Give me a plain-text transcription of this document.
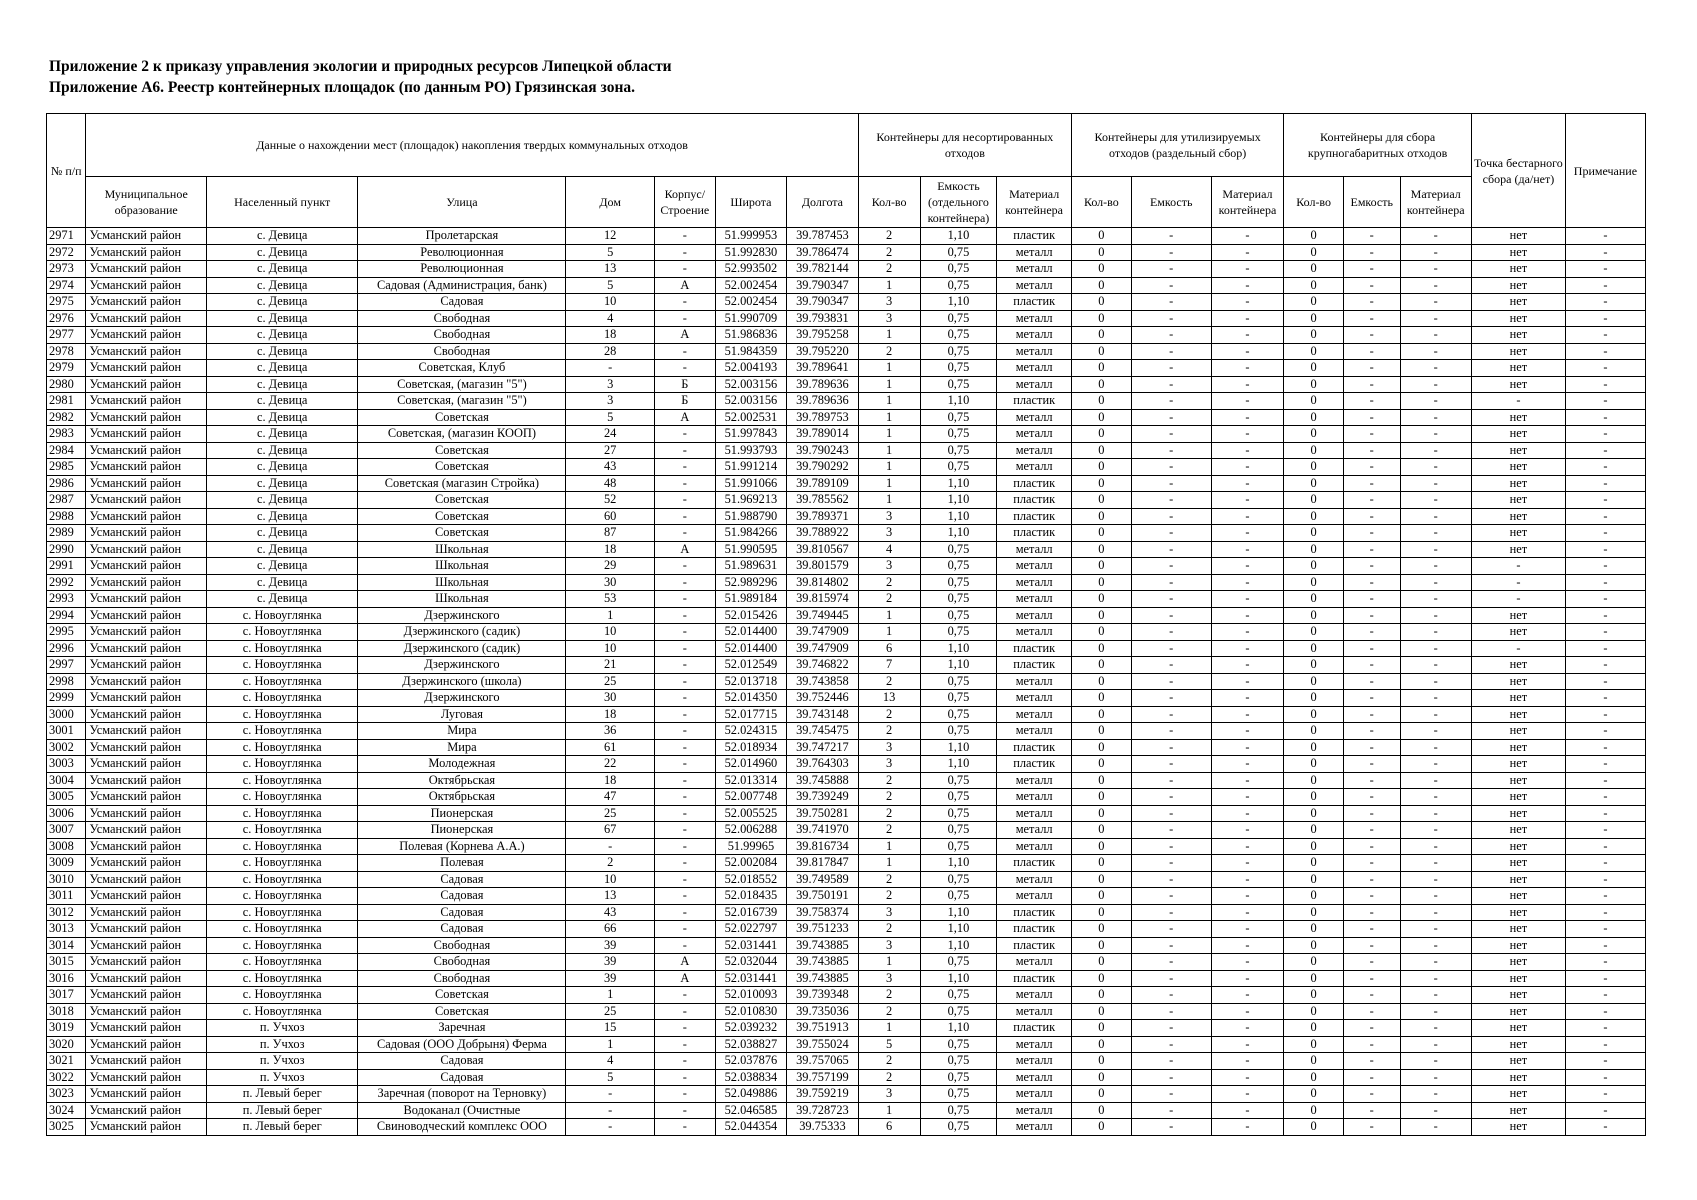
Приложение 2 к приказу управления экологии и природных ресурсов Липецкой области
Приложение А6. Реестр контейнерных площадок (по данным РО) Грязинская зона.
№ п/п	Данные о нахождении мест (площадок) накопления твердых коммунальных отходов							Контейнеры для несортированных отходов			Контейнеры для утилизируемых отходов (раздельный сбор)			Контейнеры для сбора крупногабаритных отходов			Точка бестарного сбора (да/нет)	Примечание
	Муниципальное образование	Населенный пункт	Улица	Дом	Корпус/ Строение	Широта	Долгота	Кол-во	Емкость (отдельного контейнера)	Материал контейнера	Кол-во	Емкость	Материал контейнера	Кол-во	Емкость	Материал контейнера		
2971	Усманский район	с. Девица	Пролетарская	12	-	51.999953	39.787453	2	1,10	пластик	0	-	-	0	-	-	нет	-
2972	Усманский район	с. Девица	Революционная	5	-	51.992830	39.786474	2	0,75	металл	0	-	-	0	-	-	нет	-
2973	Усманский район	с. Девица	Революционная	13	-	52.993502	39.782144	2	0,75	металл	0	-	-	0	-	-	нет	-
2974	Усманский район	с. Девица	Садовая (Администрация, банк)	5	А	52.002454	39.790347	1	0,75	металл	0	-	-	0	-	-	нет	-
2975	Усманский район	с. Девица	Садовая	10	-	52.002454	39.790347	3	1,10	пластик	0	-	-	0	-	-	нет	-
2976	Усманский район	с. Девица	Свободная	4	-	51.990709	39.793831	3	0,75	металл	0	-	-	0	-	-	нет	-
2977	Усманский район	с. Девица	Свободная	18	А	51.986836	39.795258	1	0,75	металл	0	-	-	0	-	-	нет	-
2978	Усманский район	с. Девица	Свободная	28	-	51.984359	39.795220	2	0,75	металл	0	-	-	0	-	-	нет	-
2979	Усманский район	с. Девица	Советская, Клуб	-	-	52.004193	39.789641	1	0,75	металл	0	-	-	0	-	-	нет	-
2980	Усманский район	с. Девица	Советская, (магазин "5")	3	Б	52.003156	39.789636	1	0,75	металл	0	-	-	0	-	-	нет	-
2981	Усманский район	с. Девица	Советская, (магазин "5")	3	Б	52.003156	39.789636	1	1,10	пластик	0	-	-	0	-	-	-	-
2982	Усманский район	с. Девица	Советская	5	А	52.002531	39.789753	1	0,75	металл	0	-	-	0	-	-	нет	-
2983	Усманский район	с. Девица	Советская, (магазин КООП)	24	-	51.997843	39.789014	1	0,75	металл	0	-	-	0	-	-	нет	-
2984	Усманский район	с. Девица	Советская	27	-	51.993793	39.790243	1	0,75	металл	0	-	-	0	-	-	нет	-
2985	Усманский район	с. Девица	Советская	43	-	51.991214	39.790292	1	0,75	металл	0	-	-	0	-	-	нет	-
2986	Усманский район	с. Девица	Советская (магазин Стройка)	48	-	51.991066	39.789109	1	1,10	пластик	0	-	-	0	-	-	нет	-
2987	Усманский район	с. Девица	Советская	52	-	51.969213	39.785562	1	1,10	пластик	0	-	-	0	-	-	нет	-
2988	Усманский район	с. Девица	Советская	60	-	51.988790	39.789371	3	1,10	пластик	0	-	-	0	-	-	нет	-
2989	Усманский район	с. Девица	Советская	87	-	51.984266	39.788922	3	1,10	пластик	0	-	-	0	-	-	нет	-
2990	Усманский район	с. Девица	Школьная	18	А	51.990595	39.810567	4	0,75	металл	0	-	-	0	-	-	нет	-
2991	Усманский район	с. Девица	Школьная	29	-	51.989631	39.801579	3	0,75	металл	0	-	-	0	-	-	-	-
2992	Усманский район	с. Девица	Школьная	30	-	52.989296	39.814802	2	0,75	металл	0	-	-	0	-	-	-	-
2993	Усманский район	с. Девица	Школьная	53	-	51.989184	39.815974	2	0,75	металл	0	-	-	0	-	-	-	-
2994	Усманский район	с. Новоуглянка	Дзержинского	1	-	52.015426	39.749445	1	0,75	металл	0	-	-	0	-	-	нет	-
2995	Усманский район	с. Новоуглянка	Дзержинского (садик)	10	-	52.014400	39.747909	1	0,75	металл	0	-	-	0	-	-	нет	-
2996	Усманский район	с. Новоуглянка	Дзержинского (садик)	10	-	52.014400	39.747909	6	1,10	пластик	0	-	-	0	-	-	-	-
2997	Усманский район	с. Новоуглянка	Дзержинского	21	-	52.012549	39.746822	7	1,10	пластик	0	-	-	0	-	-	нет	-
2998	Усманский район	с. Новоуглянка	Дзержинского (школа)	25	-	52.013718	39.743858	2	0,75	металл	0	-	-	0	-	-	нет	-
2999	Усманский район	с. Новоуглянка	Дзержинского	30	-	52.014350	39.752446	13	0,75	металл	0	-	-	0	-	-	нет	-
3000	Усманский район	с. Новоуглянка	Луговая	18	-	52.017715	39.743148	2	0,75	металл	0	-	-	0	-	-	нет	-
3001	Усманский район	с. Новоуглянка	Мира	36	-	52.024315	39.745475	2	0,75	металл	0	-	-	0	-	-	нет	-
3002	Усманский район	с. Новоуглянка	Мира	61	-	52.018934	39.747217	3	1,10	пластик	0	-	-	0	-	-	нет	-
3003	Усманский район	с. Новоуглянка	Молодежная	22	-	52.014960	39.764303	3	1,10	пластик	0	-	-	0	-	-	нет	-
3004	Усманский район	с. Новоуглянка	Октябрьская	18	-	52.013314	39.745888	2	0,75	металл	0	-	-	0	-	-	нет	-
3005	Усманский район	с. Новоуглянка	Октябрьская	47	-	52.007748	39.739249	2	0,75	металл	0	-	-	0	-	-	нет	-
3006	Усманский район	с. Новоуглянка	Пионерская	25	-	52.005525	39.750281	2	0,75	металл	0	-	-	0	-	-	нет	-
3007	Усманский район	с. Новоуглянка	Пионерская	67	-	52.006288	39.741970	2	0,75	металл	0	-	-	0	-	-	нет	-
3008	Усманский район	с. Новоуглянка	Полевая (Корнева А.А.)	-	-	51.99965	39.816734	1	0,75	металл	0	-	-	0	-	-	нет	-
3009	Усманский район	с. Новоуглянка	Полевая	2	-	52.002084	39.817847	1	1,10	пластик	0	-	-	0	-	-	нет	-
3010	Усманский район	с. Новоуглянка	Садовая	10	-	52.018552	39.749589	2	0,75	металл	0	-	-	0	-	-	нет	-
3011	Усманский район	с. Новоуглянка	Садовая	13	-	52.018435	39.750191	2	0,75	металл	0	-	-	0	-	-	нет	-
3012	Усманский район	с. Новоуглянка	Садовая	43	-	52.016739	39.758374	3	1,10	пластик	0	-	-	0	-	-	нет	-
3013	Усманский район	с. Новоуглянка	Садовая	66	-	52.022797	39.751233	2	1,10	пластик	0	-	-	0	-	-	нет	-
3014	Усманский район	с. Новоуглянка	Свободная	39	-	52.031441	39.743885	3	1,10	пластик	0	-	-	0	-	-	нет	-
3015	Усманский район	с. Новоуглянка	Свободная	39	А	52.032044	39.743885	1	0,75	металл	0	-	-	0	-	-	нет	-
3016	Усманский район	с. Новоуглянка	Свободная	39	А	52.031441	39.743885	3	1,10	пластик	0	-	-	0	-	-	нет	-
3017	Усманский район	с. Новоуглянка	Советская	1	-	52.010093	39.739348	2	0,75	металл	0	-	-	0	-	-	нет	-
3018	Усманский район	с. Новоуглянка	Советская	25	-	52.010830	39.735036	2	0,75	металл	0	-	-	0	-	-	нет	-
3019	Усманский район	п. Учхоз	Заречная	15	-	52.039232	39.751913	1	1,10	пластик	0	-	-	0	-	-	нет	-
3020	Усманский район	п. Учхоз	Садовая (ООО Добрыня) Ферма	1	-	52.038827	39.755024	5	0,75	металл	0	-	-	0	-	-	нет	-
3021	Усманский район	п. Учхоз	Садовая	4	-	52.037876	39.757065	2	0,75	металл	0	-	-	0	-	-	нет	-
3022	Усманский район	п. Учхоз	Садовая	5	-	52.038834	39.757199	2	0,75	металл	0	-	-	0	-	-	нет	-
3023	Усманский район	п. Левый берег	Заречная (поворот на Терновку)	-	-	52.049886	39.759219	3	0,75	металл	0	-	-	0	-	-	нет	-
3024	Усманский район	п. Левый берег	Водоканал (Очистные	-	-	52.046585	39.728723	1	0,75	металл	0	-	-	0	-	-	нет	-
3025	Усманский район	п. Левый берег	Свиноводческий комплекс ООО	-	-	52.044354	39.75333	6	0,75	металл	0	-	-	0	-	-	нет	-
